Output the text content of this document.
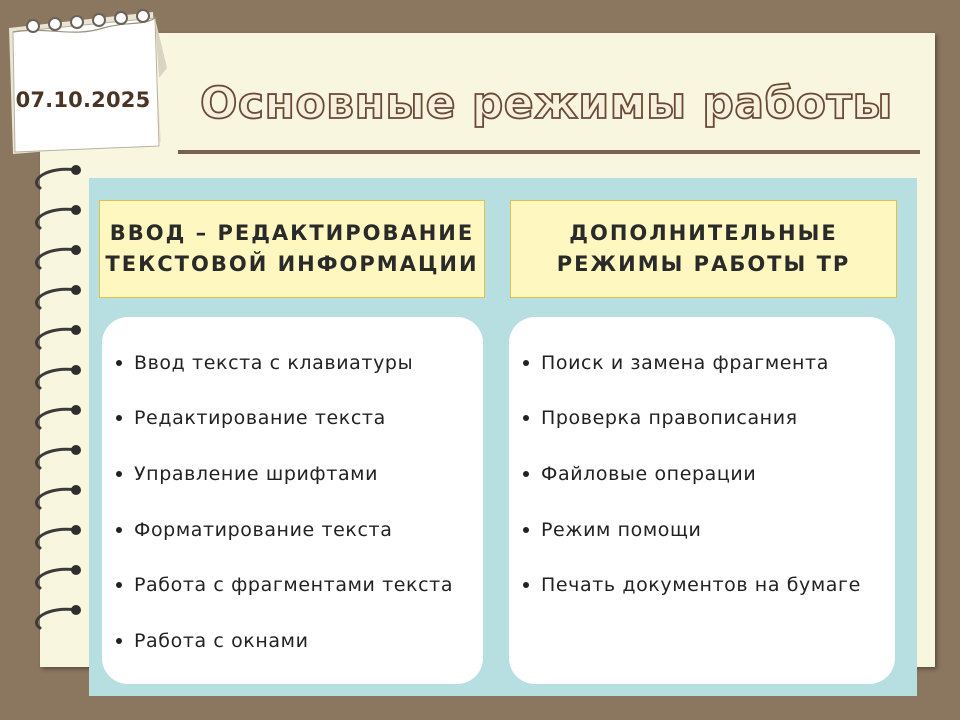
07.10.2025 Основные режимы работы
ВВОД – РЕДАКТИРОВАНИЕ
ТЕКСТОВОЙ ИНФОРМАЦИИ
ДОПОЛНИТЕЛЬНЫЕ
РЕЖИМЫ РАБОТЫ ТР
Ввод текста с клавиатуры
Редактирование текста
Управление шрифтами
Форматирование текста
Работа с фрагментами текста
Работа с окнами
Поиск и замена фрагмента
Проверка правописания
Файловые операции
Режим помощи
Печать документов на бумаге
